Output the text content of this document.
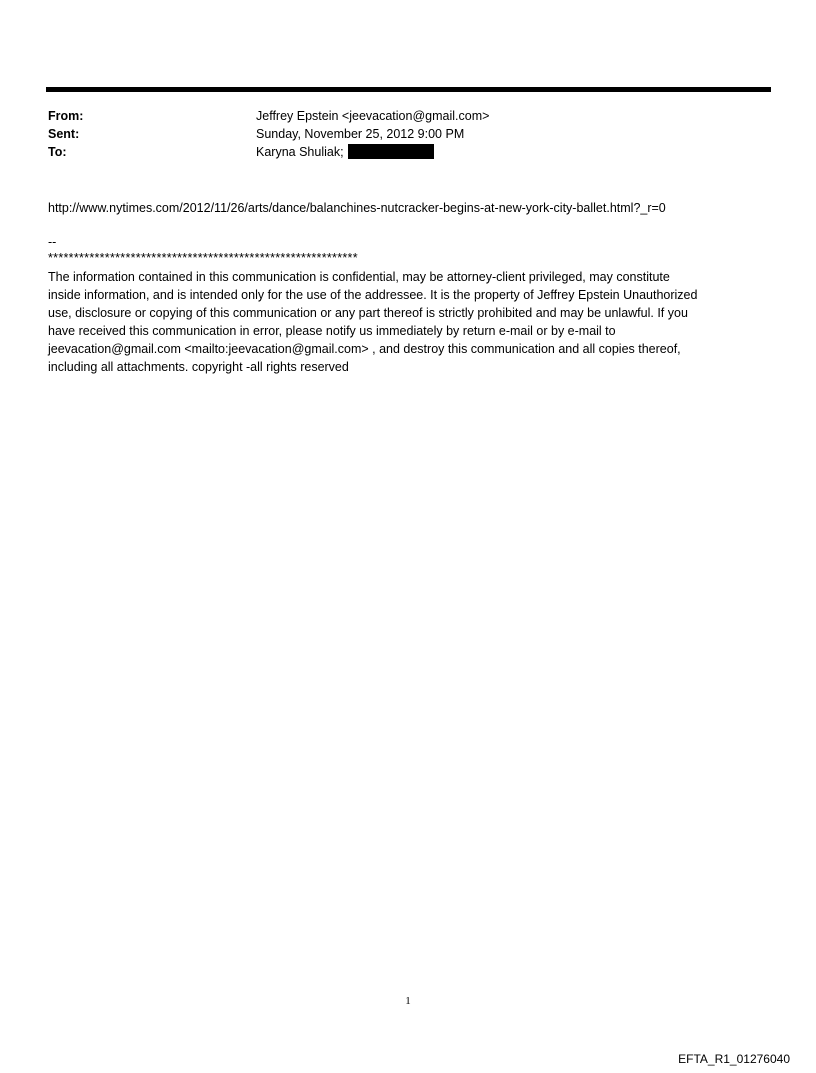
From:	Jeffrey Epstein <jeevacation@gmail.com>
Sent:	Sunday, November 25, 2012 9:00 PM
To:	Karyna Shuliak;
http://www.nytimes.com/2012/11/26/arts/dance/balanchines-nutcracker-begins-at-new-york-city-ballet.html?_r=0
--
************************************************************
The information contained in this communication is confidential, may be attorney-client privileged, may constitute
inside information, and is intended only for the use of the addressee. It is the property of Jeffrey Epstein Unauthorized
use, disclosure or copying of this communication or any part thereof is strictly prohibited and may be unlawful. If you
have received this communication in error, please notify us immediately by return e-mail or by e-mail to
jeevacation@gmail.com <mailto:jeevacation@gmail.com> , and destroy this communication and all copies thereof,
including all attachments. copyright -all rights reserved
1
EFTA_R1_01276040
